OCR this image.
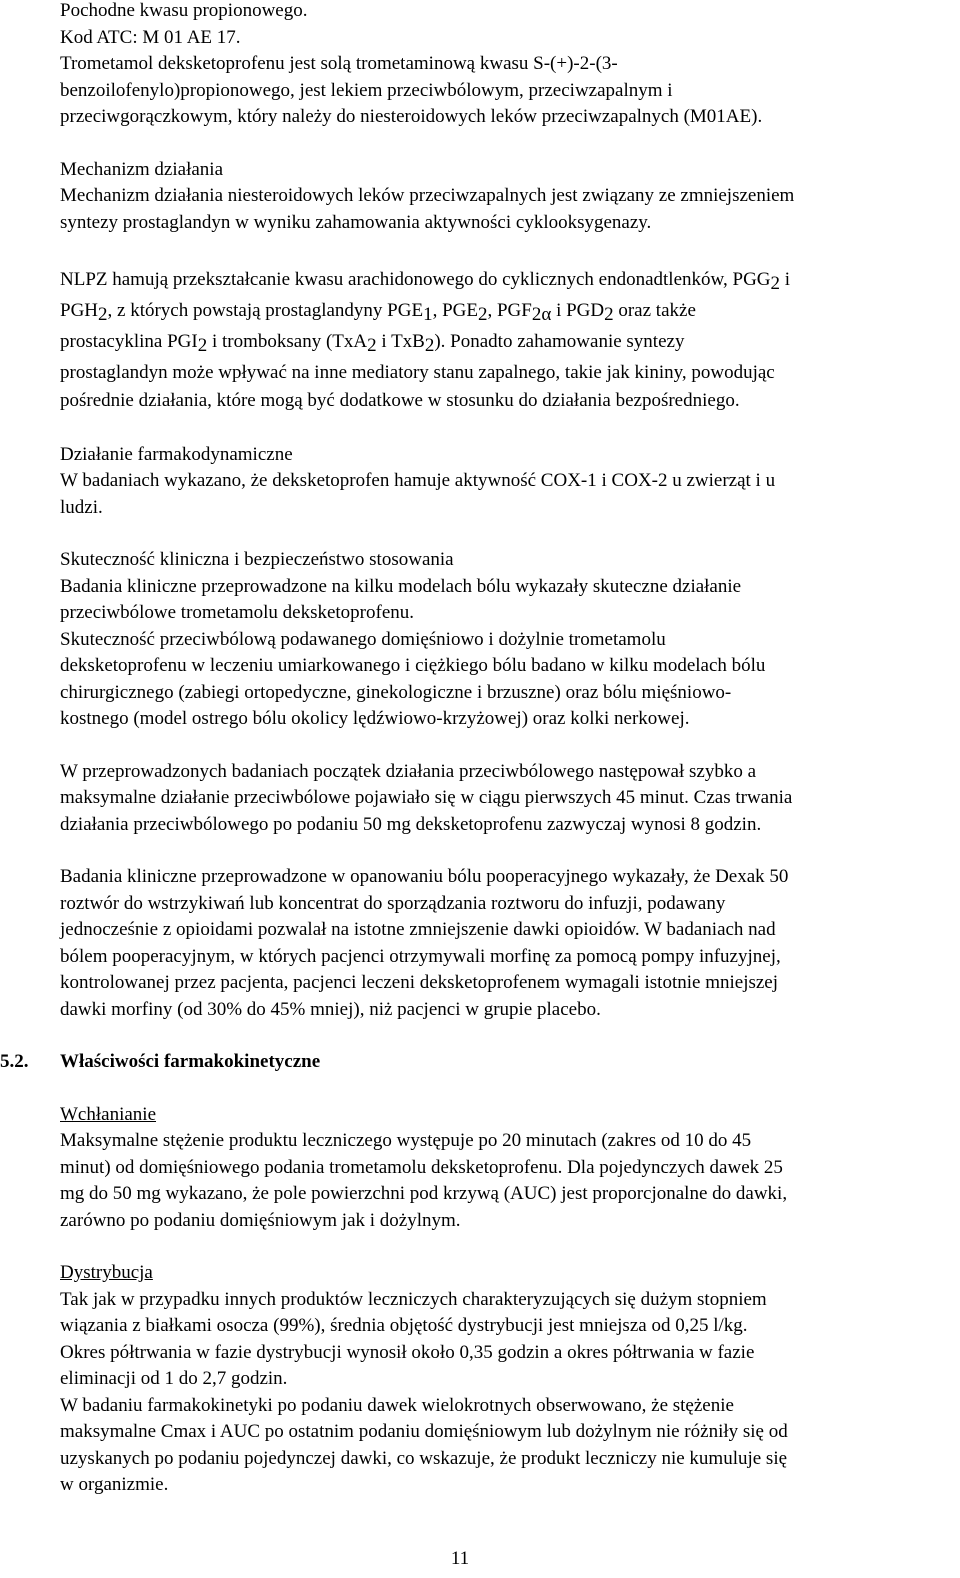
Pochodne kwasu propionowego.
Kod ATC: M 01 AE 17.
Trometamol deksketoprofenu jest solą trometaminową kwasu S-(+)-2-(3-
benzoilofenylo)propionowego, jest lekiem przeciwbólowym, przeciwzapalnym i
przeciwgorączkowym, który należy do niesteroidowych leków przeciwzapalnych (M01AE).
Mechanizm działania
Mechanizm działania niesteroidowych leków przeciwzapalnych jest związany ze zmniejszeniem
syntezy prostaglandyn w wyniku zahamowania aktywności cyklooksygenazy.
NLPZ hamują przekształcanie kwasu arachidonowego do cyklicznych endonadtlenków, PGG2 i
PGH2, z których powstają prostaglandyny PGE1, PGE2, PGF2α i PGD2 oraz także
prostacyklina PGI2 i tromboksany (TxA2 i TxB2). Ponadto zahamowanie syntezy
prostaglandyn może wpływać na inne mediatory stanu zapalnego, takie jak kininy, powodując
pośrednie działania, które mogą być dodatkowe w stosunku do działania bezpośredniego.
Działanie farmakodynamiczne
W badaniach wykazano, że deksketoprofen hamuje aktywność COX-1 i COX-2 u zwierząt i u
ludzi.
Skuteczność kliniczna i bezpieczeństwo stosowania
Badania kliniczne przeprowadzone na kilku modelach bólu wykazały skuteczne działanie
przeciwbólowe trometamolu deksketoprofenu.
Skuteczność przeciwbólową podawanego domięśniowo i dożylnie trometamolu
deksketoprofenu w leczeniu umiarkowanego i ciężkiego bólu badano w kilku modelach bólu
chirurgicznego (zabiegi ortopedyczne, ginekologiczne i brzuszne) oraz bólu mięśniowo-
kostnego (model ostrego bólu okolicy lędźwiowo-krzyżowej) oraz kolki nerkowej.
W przeprowadzonych badaniach początek działania przeciwbólowego następował szybko a
maksymalne działanie przeciwbólowe pojawiało się w ciągu pierwszych 45 minut. Czas trwania
działania przeciwbólowego po podaniu 50 mg deksketoprofenu zazwyczaj wynosi 8 godzin.
Badania kliniczne przeprowadzone w opanowaniu bólu pooperacyjnego wykazały, że Dexak 50
roztwór do wstrzykiwań lub koncentrat do sporządzania roztworu do infuzji, podawany
jednocześnie z opioidami pozwalał na istotne zmniejszenie dawki opioidów. W badaniach nad
bólem pooperacyjnym, w których pacjenci otrzymywali morfinę za pomocą pompy infuzyjnej,
kontrolowanej przez pacjenta, pacjenci leczeni deksketoprofenem wymagali istotnie mniejszej
dawki morfiny (od 30% do 45% mniej), niż pacjenci w grupie placebo.
5.2.	Właściwości farmakokinetyczne
Wchłanianie
Maksymalne stężenie produktu leczniczego występuje po 20 minutach (zakres od 10 do 45
minut) od domięśniowego podania trometamolu deksketoprofenu. Dla pojedynczych dawek 25
mg do 50 mg wykazano, że pole powierzchni pod krzywą (AUC) jest proporcjonalne do dawki,
zarówno po podaniu domięśniowym jak i dożylnym.
Dystrybucja
Tak jak w przypadku innych produktów leczniczych charakteryzujących się dużym stopniem
wiązania z białkami osocza (99%), średnia objętość dystrybucji jest mniejsza od 0,25 l/kg.
Okres półtrwania w fazie dystrybucji wynosił około 0,35 godzin a okres półtrwania w fazie
eliminacji od 1 do 2,7 godzin.
W badaniu farmakokinetyki po podaniu dawek wielokrotnych obserwowano, że stężenie
maksymalne Cmax i AUC po ostatnim podaniu domięśniowym lub dożylnym nie różniły się od
uzyskanych po podaniu pojedynczej dawki, co wskazuje, że produkt leczniczy nie kumuluje się
w organizmie.
11
